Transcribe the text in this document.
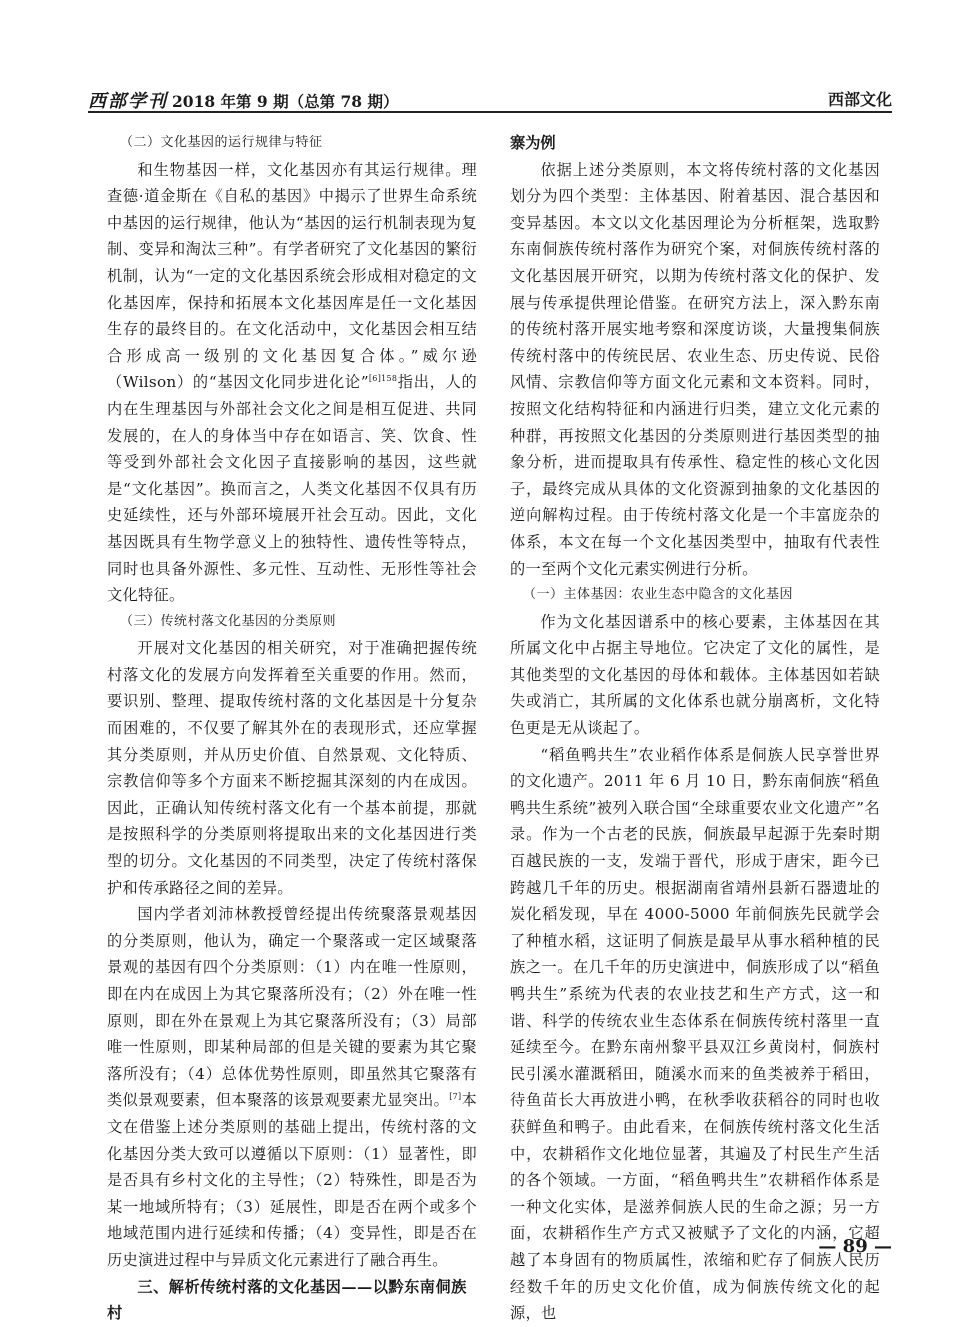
西部学刊 2018 年第 9 期（总第 78 期）	西部文化

（二）文化基因的运行规律与特征

和生物基因一样，文化基因亦有其运行规律。理查德·道金斯在《自私的基因》中揭示了世界生命系统中基因的运行规律，他认为“基因的运行机制表现为复制、变异和淘汰三种”。有学者研究了文化基因的繁衍机制，认为“一定的文化基因系统会形成相对稳定的文化基因库，保持和拓展本文化基因库是任一文化基因生存的最终目的。在文化活动中，文化基因会相互结合形成高一级别的文化基因复合体。”威尔逊（Wilson）的“基因文化同步进化论”$^{[6]158}$指出，人的内在生理基因与外部社会文化之间是相互促进、共同发展的，在人的身体当中存在如语言、笑、饮食、性等受到外部社会文化因子直接影响的基因，这些就是“文化基因”。换而言之，人类文化基因不仅具有历史延续性，还与外部环境展开社会互动。因此，文化基因既具有生物学意义上的独特性、遗传性等特点，同时也具备外源性、多元性、互动性、无形性等社会文化特征。

（三）传统村落文化基因的分类原则

开展对文化基因的相关研究，对于准确把握传统村落文化的发展方向发挥着至关重要的作用。然而，要识别、整理、提取传统村落的文化基因是十分复杂而困难的，不仅要了解其外在的表现形式，还应掌握其分类原则，并从历史价值、自然景观、文化特质、宗教信仰等多个方面来不断挖掘其深刻的内在成因。因此，正确认知传统村落文化有一个基本前提，那就是按照科学的分类原则将提取出来的文化基因进行类型的切分。文化基因的不同类型，决定了传统村落保护和传承路径之间的差异。

国内学者刘沛林教授曾经提出传统聚落景观基因的分类原则，他认为，确定一个聚落或一定区域聚落景观的基因有四个分类原则：（1）内在唯一性原则，即在内在成因上为其它聚落所没有；（2）外在唯一性原则，即在外在景观上为其它聚落所没有；（3）局部唯一性原则，即某种局部的但是关键的要素为其它聚落所没有；（4）总体优势性原则，即虽然其它聚落有类似景观要素，但本聚落的该景观要素尤显突出。[7]本文在借鉴上述分类原则的基础上提出，传统村落的文化基因分类大致可以遵循以下原则：（1）显著性，即是否具有乡村文化的主导性；（2）特殊性，即是否为某一地域所特有；（3）延展性，即是否在两个或多个地域范围内进行延续和传播；（4）变异性，即是否在历史演进过程中与异质文化元素进行了融合再生。

三、解析传统村落的文化基因——以黔东南侗族村

寨为例

依据上述分类原则，本文将传统村落的文化基因划分为四个类型：主体基因、附着基因、混合基因和变异基因。本文以文化基因理论为分析框架，选取黔东南侗族传统村落作为研究个案，对侗族传统村落的文化基因展开研究，以期为传统村落文化的保护、发展与传承提供理论借鉴。在研究方法上，深入黔东南的传统村落开展实地考察和深度访谈，大量搜集侗族传统村落中的传统民居、农业生态、历史传说、民俗风情、宗教信仰等方面文化元素和文本资料。同时，按照文化结构特征和内涵进行归类，建立文化元素的种群，再按照文化基因的分类原则进行基因类型的抽象分析，进而提取具有传承性、稳定性的核心文化因子，最终完成从具体的文化资源到抽象的文化基因的逆向解构过程。由于传统村落文化是一个丰富庞杂的体系，本文在每一个文化基因类型中，抽取有代表性的一至两个文化元素实例进行分析。

（一）主体基因：农业生态中隐含的文化基因

作为文化基因谱系中的核心要素，主体基因在其所属文化中占据主导地位。它决定了文化的属性，是其他类型的文化基因的母体和载体。主体基因如若缺失或消亡，其所属的文化体系也就分崩离析，文化特色更是无从谈起了。

“稻鱼鸭共生”农业稻作体系是侗族人民享誉世界的文化遗产。2011 年 6 月 10 日，黔东南侗族“稻鱼鸭共生系统”被列入联合国“全球重要农业文化遗产”名录。作为一个古老的民族，侗族最早起源于先秦时期百越民族的一支，发端于晋代，形成于唐宋，距今已跨越几千年的历史。根据湖南省靖州县新石器遗址的炭化稻发现，早在 4000-5000 年前侗族先民就学会了种植水稻，这证明了侗族是最早从事水稻种植的民族之一。在几千年的历史演进中，侗族形成了以“稻鱼鸭共生”系统为代表的农业技艺和生产方式，这一和谐、科学的传统农业生态体系在侗族传统村落里一直延续至今。在黔东南州黎平县双江乡黄岗村，侗族村民引溪水灌溉稻田，随溪水而来的鱼类被养于稻田，待鱼苗长大再放进小鸭，在秋季收获稻谷的同时也收获鲜鱼和鸭子。由此看来，在侗族传统村落文化生活中，农耕稻作文化地位显著，其遍及了村民生产生活的各个领域。一方面，“稻鱼鸭共生”农耕稻作体系是一种文化实体，是滋养侗族人民的生命之源；另一方面，农耕稻作生产方式又被赋予了文化的内涵，它超越了本身固有的物质属性，浓缩和贮存了侗族人民历经数千年的历史文化价值，成为侗族传统文化的起源，也

— 89 —
